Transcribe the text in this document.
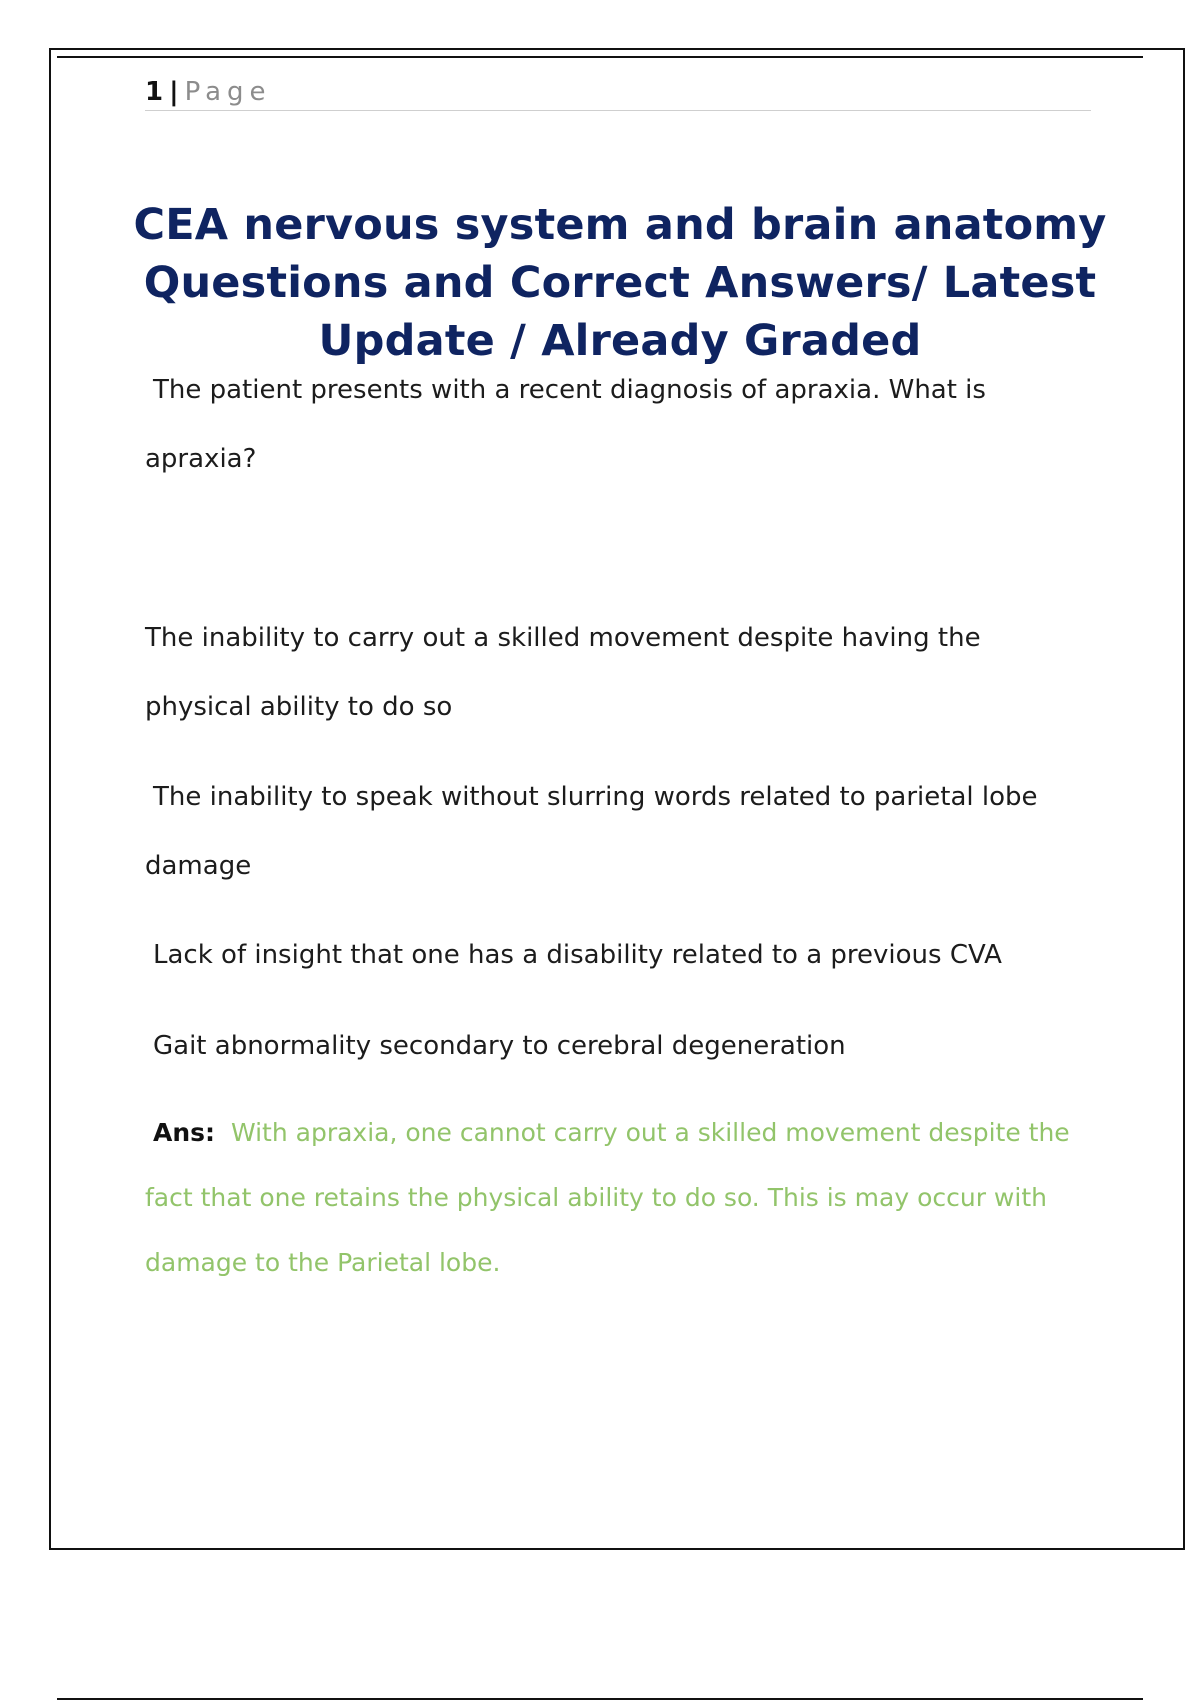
1 | Page
CEA nervous system and brain anatomy
Questions and Correct Answers/ Latest
Update / Already Graded
The patient presents with a recent diagnosis of apraxia. What is
apraxia?
The inability to carry out a skilled movement despite having the
physical ability to do so
The inability to speak without slurring words related to parietal lobe
damage
Lack of insight that one has a disability related to a previous CVA
Gait abnormality secondary to cerebral degeneration
Ans: With apraxia, one cannot carry out a skilled movement despite the
fact that one retains the physical ability to do so. This is may occur with
damage to the Parietal lobe.
